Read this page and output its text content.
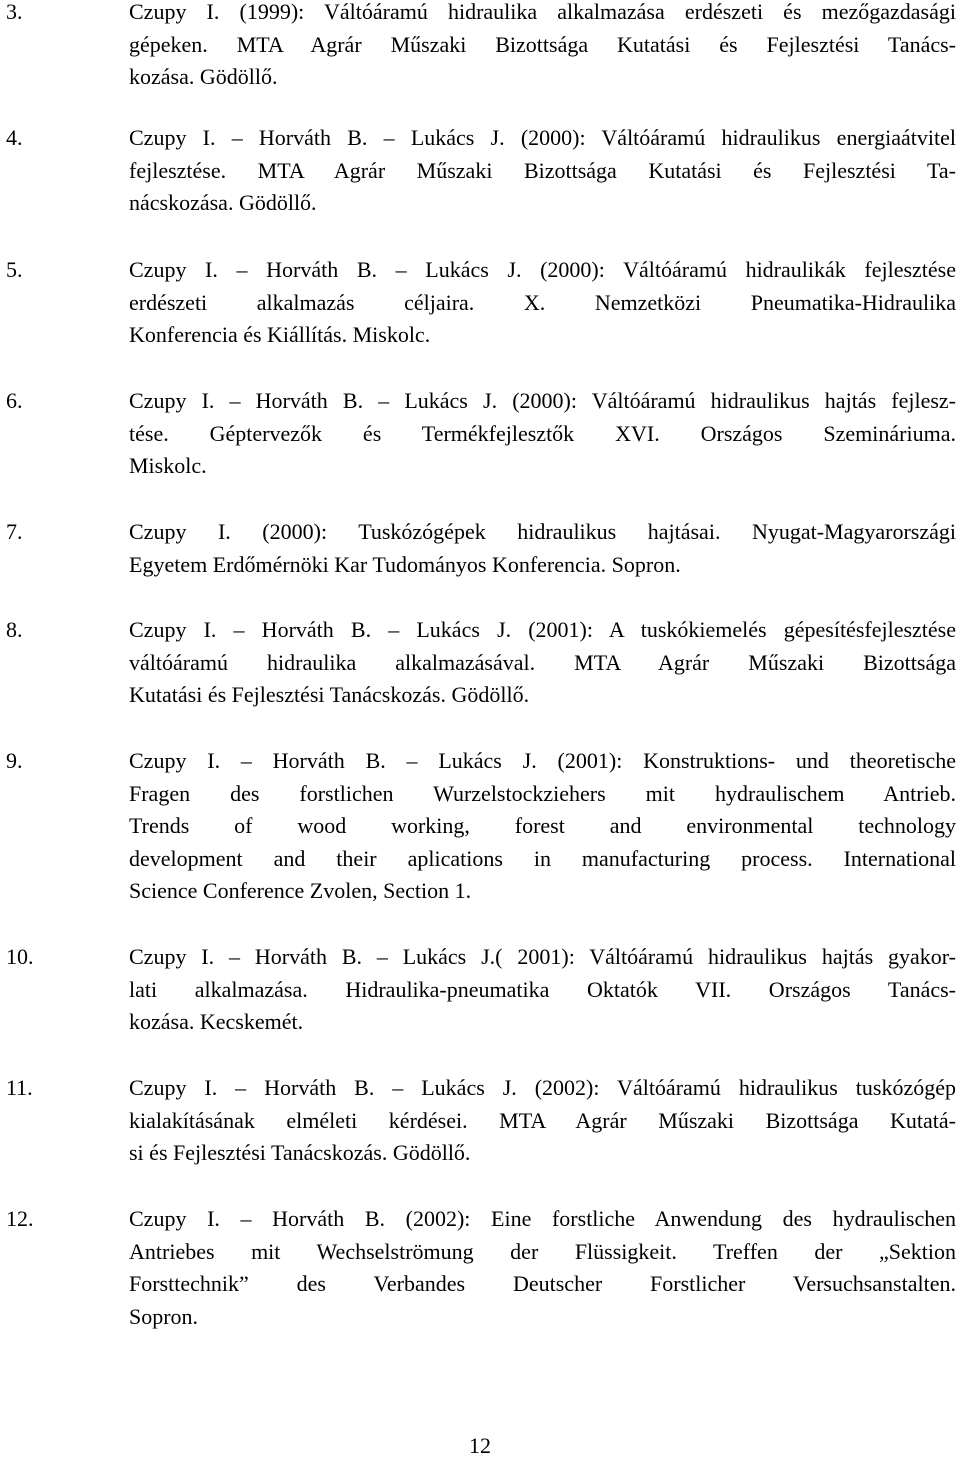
3.	Czupy I. (1999): Váltóáramú hidraulika alkalmazása erdészeti és mezőgazdasági
gépeken. MTA Agrár Műszaki Bizottsága Kutatási és Fejlesztési Tanács-
kozása. Gödöllő.
4.	Czupy I. – Horváth B. – Lukács J. (2000): Váltóáramú hidraulikus energiaátvitel
fejlesztése. MTA Agrár Műszaki Bizottsága Kutatási és Fejlesztési Ta-
nácskozása. Gödöllő.
5.	Czupy I. – Horváth B. – Lukács J. (2000): Váltóáramú hidraulikák fejlesztése
erdészeti alkalmazás céljaira. X. Nemzetközi Pneumatika-Hidraulika
Konferencia és Kiállítás. Miskolc.
6.	Czupy I. – Horváth B. – Lukács J. (2000): Váltóáramú hidraulikus hajtás fejlesz-
tése. Géptervezők és Termékfejlesztők XVI. Országos Szemináriuma.
Miskolc.
7.	Czupy I. (2000): Tuskózógépek hidraulikus hajtásai. Nyugat-Magyarországi
Egyetem Erdőmérnöki Kar Tudományos Konferencia. Sopron.
8.	Czupy I. – Horváth B. – Lukács J. (2001): A tuskókiemelés gépesítésfejlesztése
váltóáramú hidraulika alkalmazásával. MTA Agrár Műszaki Bizottsága
Kutatási és Fejlesztési Tanácskozás. Gödöllő.
9.	Czupy I. – Horváth B. – Lukács J. (2001): Konstruktions- und theoretische
Fragen des forstlichen Wurzelstockziehers mit hydraulischem Antrieb.
Trends of wood working, forest and environmental technology
development and their aplications in manufacturing process. International
Science Conference Zvolen, Section 1.
10.	Czupy I. – Horváth B. – Lukács J.( 2001): Váltóáramú hidraulikus hajtás gyakor-
lati alkalmazása. Hidraulika-pneumatika Oktatók VII. Országos Tanács-
kozása. Kecskemét.
11.	Czupy I. – Horváth B. – Lukács J. (2002): Váltóáramú hidraulikus tuskózógép
kialakításának elméleti kérdései. MTA Agrár Műszaki Bizottsága Kutatá-
si és Fejlesztési Tanácskozás. Gödöllő.
12.	Czupy I. – Horváth B. (2002): Eine forstliche Anwendung des hydraulischen
Antriebes mit Wechselströmung der Flüssigkeit. Treffen der „Sektion
Forsttechnik” des Verbandes Deutscher Forstlicher Versuchsanstalten.
Sopron.
12
